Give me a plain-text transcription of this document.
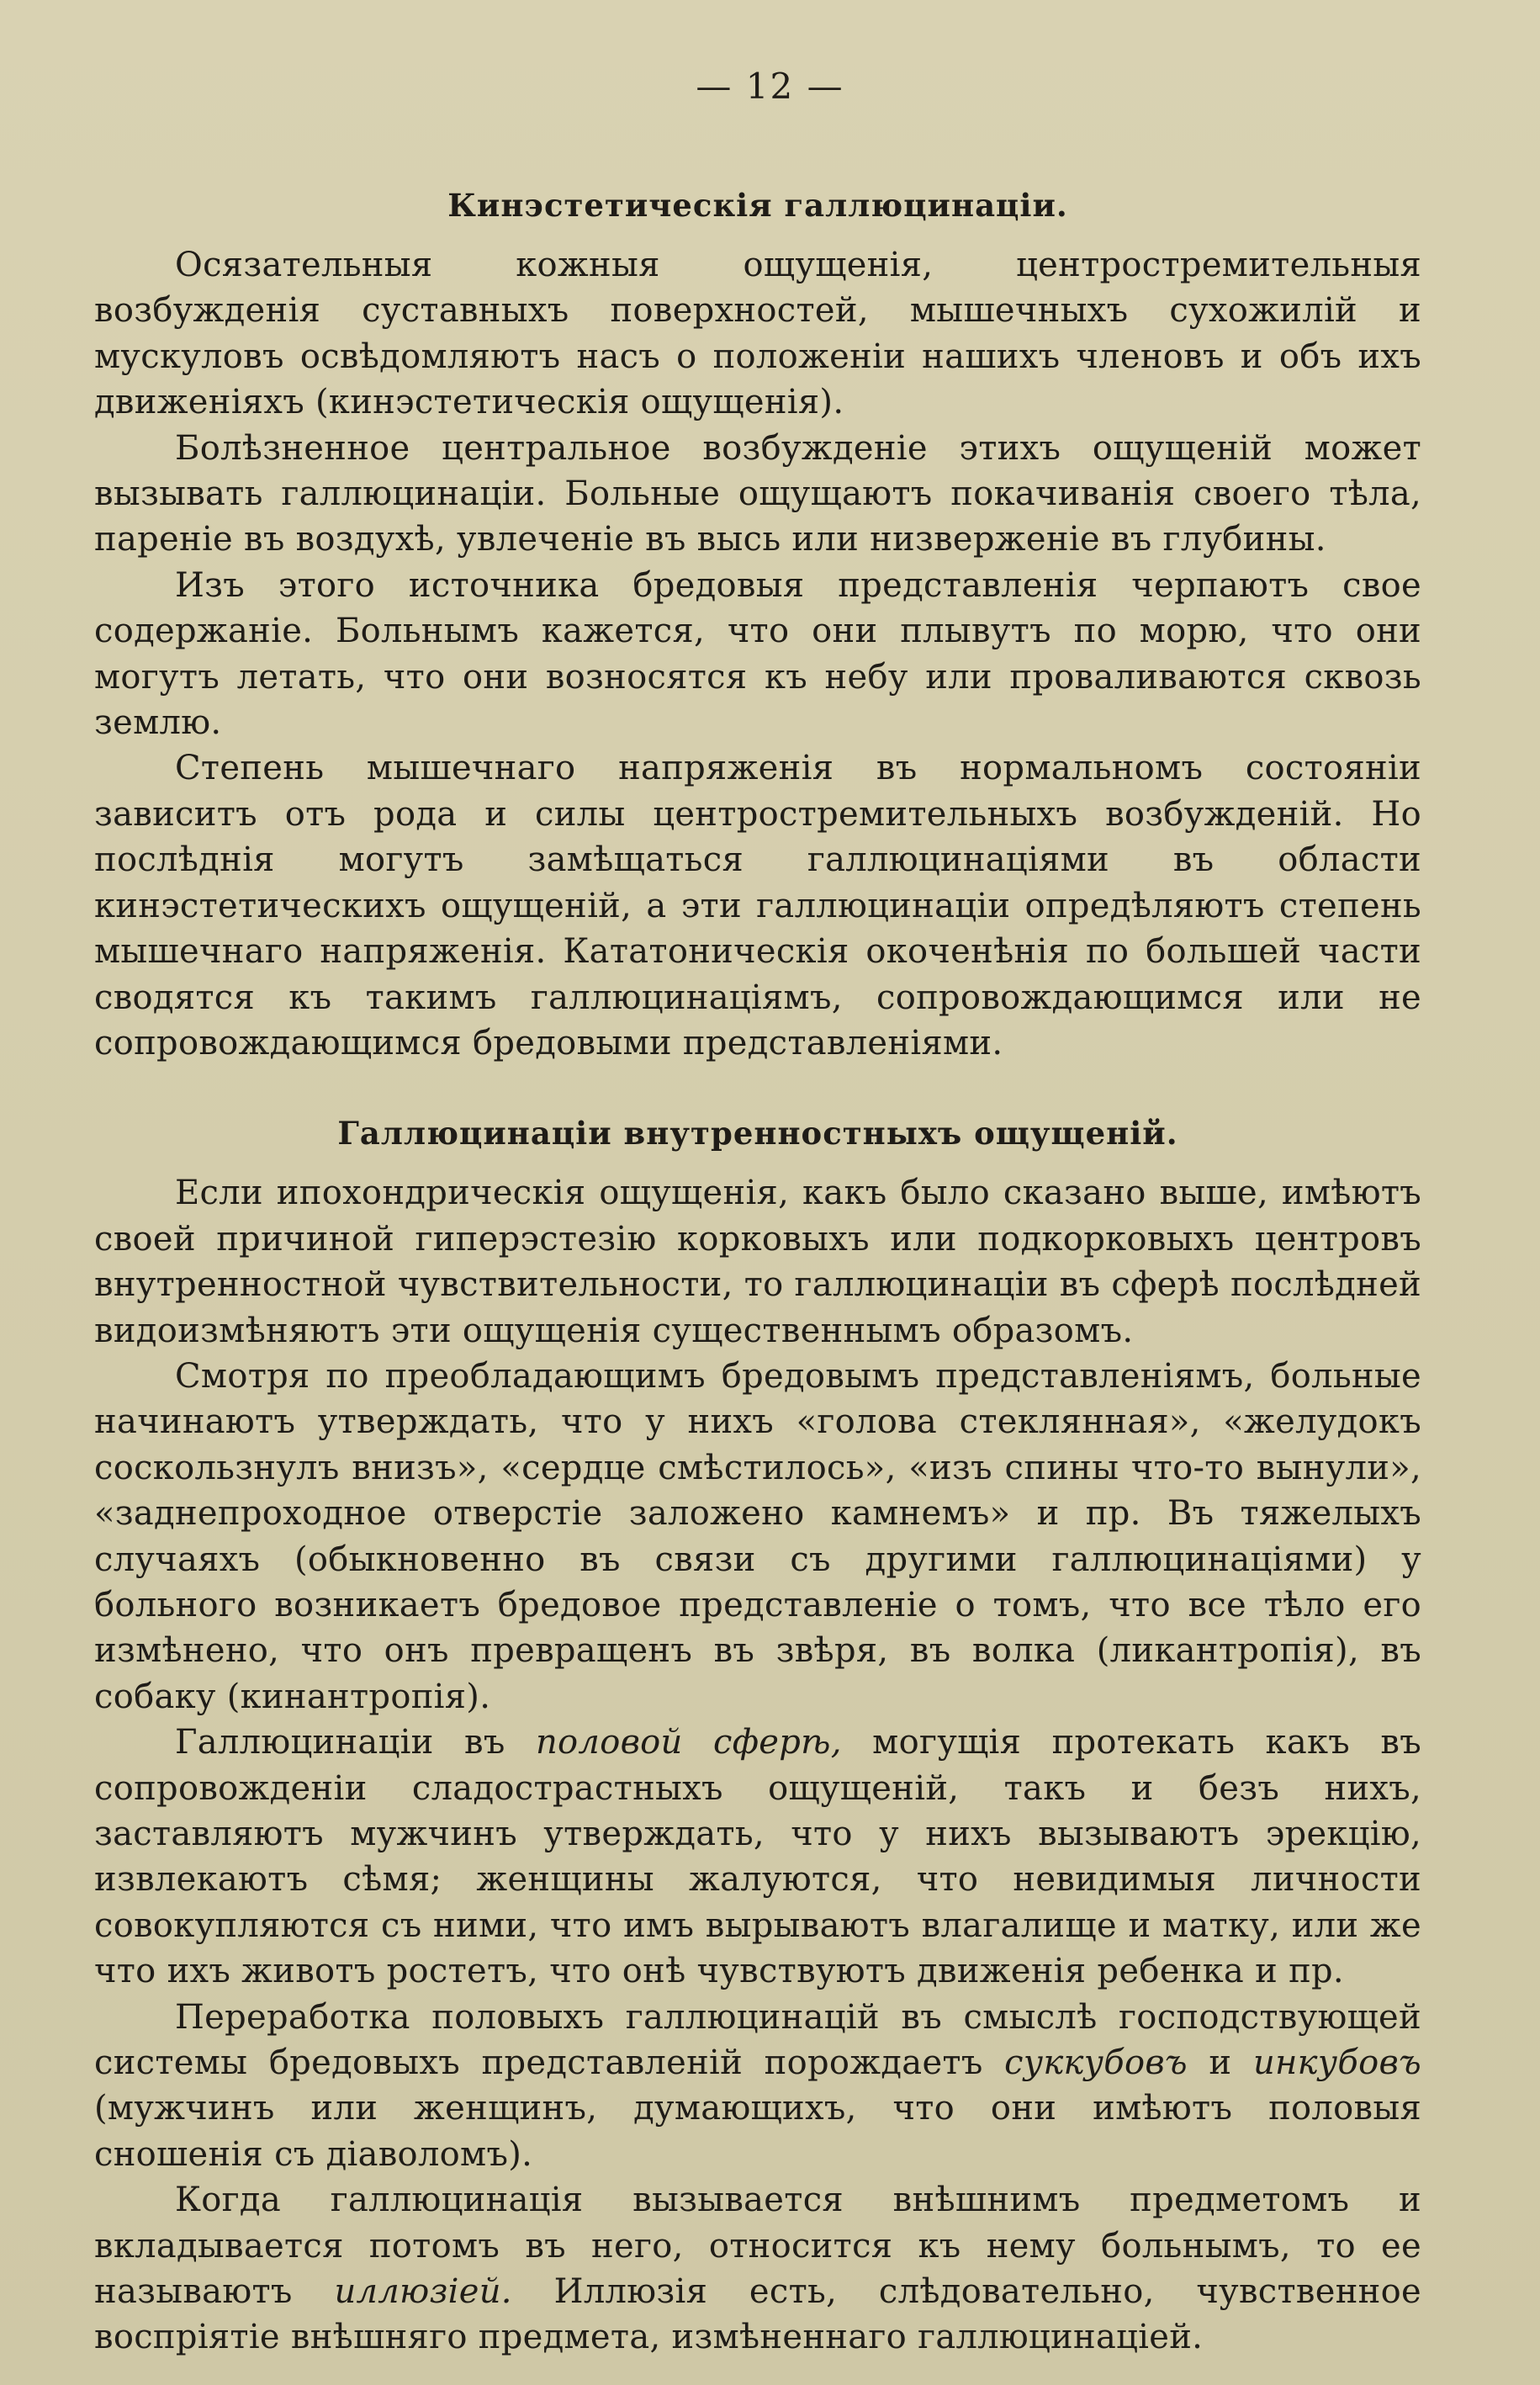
— 12 —
Кинэстетическія галлюцинаціи.

Осязательныя кожныя ощущенія, центростремительныя возбужденія суставныхъ поверхностей, мышечныхъ сухожилій и мускуловъ освѣдомляютъ насъ о положеніи нашихъ членовъ и объ ихъ движеніяхъ (кинэстетическія ощущенія).

Болѣзненное центральное возбужденіе этихъ ощущеній может вызывать галлюцинаціи. Больные ощущаютъ покачиванія своего тѣла, пареніе въ воздухѣ, увлеченіе въ высь или низверженіе въ глубины.

Изъ этого источника бредовыя представленія черпаютъ свое содержаніе. Больнымъ кажется, что они плывутъ по морю, что они могутъ летать, что они возносятся къ небу или проваливаются сквозь землю.

Степень мышечнаго напряженія въ нормальномъ состояніи зависитъ отъ рода и силы центростремительныхъ возбужденій. Но послѣднія могутъ замѣщаться галлюцинаціями въ области кинэстетическихъ ощущеній, а эти галлюцинаціи опредѣляютъ степень мышечнаго напряженія. Кататоническія окоченѣнія по большей части сводятся къ такимъ галлюцинаціямъ, сопровождающимся или не сопровождающимся бредовыми представленіями.

Галлюцинаціи внутренностныхъ ощущеній.

Если ипохондрическія ощущенія, какъ было сказано выше, имѣютъ своей причиной гиперэстезію корковыхъ или подкорковыхъ центровъ внутренностной чувствительности, то галлюцинаціи въ сферѣ послѣдней видоизмѣняютъ эти ощущенія существеннымъ образомъ.

Смотря по преобладающимъ бредовымъ представленіямъ, больные начинаютъ утверждать, что у нихъ «голова стеклянная», «желудокъ соскользнулъ внизъ», «сердце смѣстилось», «изъ спины что-то вынули», «заднепроходное отверстіе заложено камнемъ» и пр. Въ тяжелыхъ случаяхъ (обыкновенно въ связи съ другими галлюцинаціями) у больного возникаетъ бредовое представленіе о томъ, что все тѣло его измѣнено, что онъ превращенъ въ звѣря, въ волка (ликантропія), въ собаку (кинантропія).

Галлюцинаціи въ половой сферѣ, могущія протекать какъ въ сопровожденіи сладострастныхъ ощущеній, такъ и безъ нихъ, заставляютъ мужчинъ утверждать, что у нихъ вызываютъ эрекцію, извлекаютъ сѣмя; женщины жалуются, что невидимыя личности совокупляются съ ними, что имъ вырываютъ влагалище и матку, или же что ихъ животъ ростетъ, что онѣ чувствуютъ движенія ребенка и пр.

Переработка половыхъ галлюцинацій въ смыслѣ господствующей системы бредовыхъ представленій порождаетъ суккубовъ и инкубовъ (мужчинъ или женщинъ, думающихъ, что они имѣютъ половыя сношенія съ діаволомъ).

Когда галлюцинація вызывается внѣшнимъ предметомъ и вкладывается потомъ въ него, относится къ нему больнымъ, то ее называютъ иллюзіей. Иллюзія есть, слѣдовательно, чувственное воспріятіе внѣшняго предмета, измѣненнаго галлюцинаціей.
